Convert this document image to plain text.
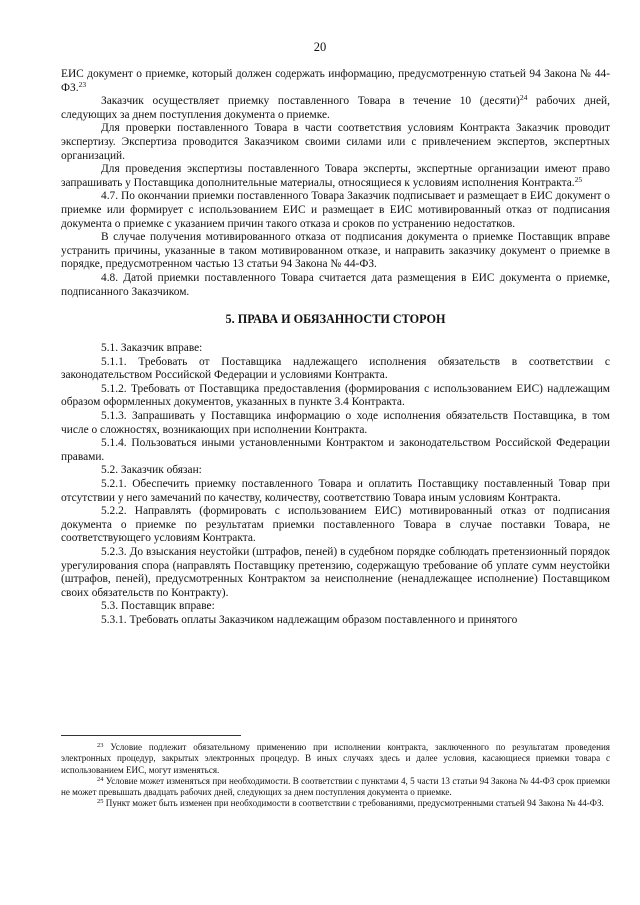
20

ЕИС документ о приемке, который должен содержать информацию, предусмотренную статьей 94 Закона № 44-ФЗ.$^{23}$

Заказчик осуществляет приемку поставленного Товара в течение 10 (десяти)$^{24}$ рабочих дней, следующих за днем поступления документа о приемке.

Для проверки поставленного Товара в части соответствия условиям Контракта Заказчик проводит экспертизу. Экспертиза проводится Заказчиком своими силами или с привлечением экспертов, экспертных организаций.

Для проведения экспертизы поставленного Товара эксперты, экспертные организации имеют право запрашивать у Поставщика дополнительные материалы, относящиеся к условиям исполнения Контракта.$^{25}$

4.7. По окончании приемки поставленного Товара Заказчик подписывает и размещает в ЕИС документ о приемке или формирует с использованием ЕИС и размещает в ЕИС мотивированный отказ от подписания документа о приемке с указанием причин такого отказа и сроков по устранению недостатков.

В случае получения мотивированного отказа от подписания документа о приемке Поставщик вправе устранить причины, указанные в таком мотивированном отказе, и направить заказчику документ о приемке в порядке, предусмотренном частью 13 статьи 94 Закона № 44-ФЗ.

4.8. Датой приемки поставленного Товара считается дата размещения в ЕИС документа о приемке, подписанного Заказчиком.

5. ПРАВА И ОБЯЗАННОСТИ СТОРОН

5.1. Заказчик вправе:

5.1.1. Требовать от Поставщика надлежащего исполнения обязательств в соответствии с законодательством Российской Федерации и условиями Контракта.

5.1.2. Требовать от Поставщика предоставления (формирования с использованием ЕИС) надлежащим образом оформленных документов, указанных в пункте 3.4 Контракта.

5.1.3. Запрашивать у Поставщика информацию о ходе исполнения обязательств Поставщика, в том числе о сложностях, возникающих при исполнении Контракта.

5.1.4. Пользоваться иными установленными Контрактом и законодательством Российской Федерации правами.

5.2. Заказчик обязан:

5.2.1. Обеспечить приемку поставленного Товара и оплатить Поставщику поставленный Товар при отсутствии у него замечаний по качеству, количеству, соответствию Товара иным условиям Контракта.

5.2.2. Направлять (формировать с использованием ЕИС) мотивированный отказ от подписания документа о приемке по результатам приемки поставленного Товара в случае поставки Товара, не соответствующего условиям Контракта.

5.2.3. До взыскания неустойки (штрафов, пеней) в судебном порядке соблюдать претензионный порядок урегулирования спора (направлять Поставщику претензию, содержащую требование об уплате сумм неустойки (штрафов, пеней), предусмотренных Контрактом за неисполнение (ненадлежащее исполнение) Поставщиком своих обязательств по Контракту).

5.3. Поставщик вправе:

5.3.1. Требовать оплаты Заказчиком надлежащим образом поставленного и принятого

$^{23}$ Условие подлежит обязательному применению при исполнении контракта, заключенного по результатам проведения электронных процедур, закрытых электронных процедур. В иных случаях здесь и далее условия, касающиеся приемки товара с использованием ЕИС, могут изменяться.

$^{24}$ Условие может изменяться при необходимости. В соответствии с пунктами 4, 5 части 13 статьи 94 Закона № 44-ФЗ срок приемки не может превышать двадцать рабочих дней, следующих за днем поступления документа о приемке.

$^{25}$ Пункт может быть изменен при необходимости в соответствии с требованиями, предусмотренными статьей 94 Закона № 44-ФЗ.
